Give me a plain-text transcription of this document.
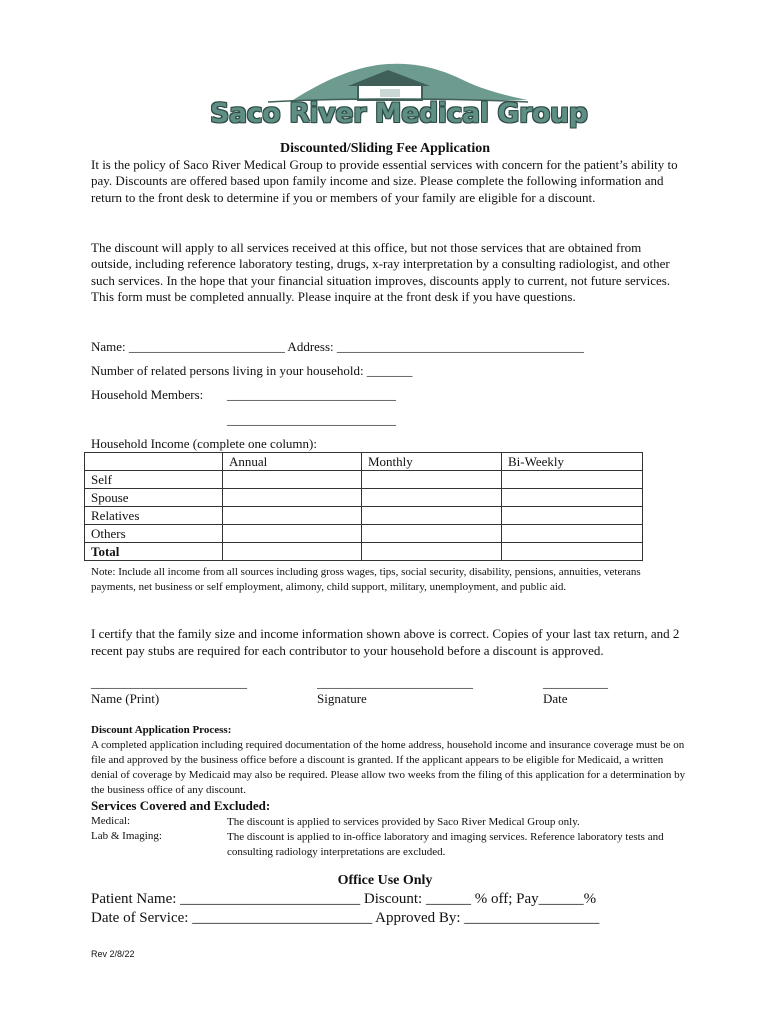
Saco River Medical Group
Discounted/Sliding Fee Application

It is the policy of Saco River Medical Group to provide essential services with concern for the patient’s ability to pay. Discounts are offered based upon family income and size. Please complete the following information and return to the front desk to determine if you or members of your family are eligible for a discount.

The discount will apply to all services received at this office, but not those services that are obtained from outside, including reference laboratory testing, drugs, x-ray interpretation by a consulting radiologist, and other such services. In the hope that your financial situation improves, discounts apply to current, not future services. This form must be completed annually. Please inquire at the front desk if you have questions.

Name: ________________________ Address: ______________________________________
Number of related persons living in your household: _______
Household Members: __________________________
__________________________
Household Income (complete one column):
	Annual	Monthly	Bi-Weekly
Self			
Spouse			
Relatives			
Others			
Total			

Note: Include all income from all sources including gross wages, tips, social security, disability, pensions, annuities, veterans payments, net business or self employment, alimony, child support, military, unemployment, and public aid.

I certify that the family size and income information shown above is correct. Copies of your last tax return, and 2 recent pay stubs are required for each contributor to your household before a discount is approved.

________________________	________________________	__________
Name (Print)	Signature	Date
Discount Application Process:
A completed application including required documentation of the home address, household income and insurance coverage must be on file and approved by the business office before a discount is granted. If the applicant appears to be eligible for Medicaid, a written denial of coverage by Medicaid may also be required. Please allow two weeks from the filing of this application for a determination by the business office of any discount.
Services Covered and Excluded:
Medical:	The discount is applied to services provided by Saco River Medical Group only.

Lab & Imaging:	The discount is applied to in-office laboratory and imaging services. Reference laboratory tests and consulting radiology interpretations are excluded.

Office Use Only
Patient Name: ________________________ Discount: ______ % off; Pay______%
Date of Service: ________________________ Approved By: __________________
Rev 2/8/22
